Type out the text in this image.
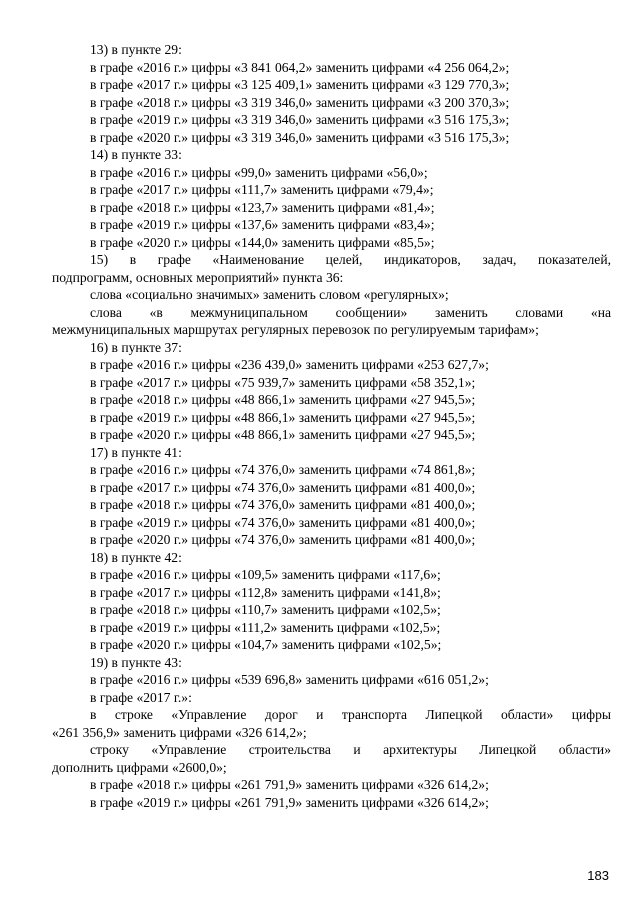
13) в пункте 29:
в графе «2016 г.» цифры «3 841 064,2» заменить цифрами «4 256 064,2»;
в графе «2017 г.» цифры «3 125 409,1» заменить цифрами «3 129 770,3»;
в графе «2018 г.» цифры «3 319 346,0» заменить цифрами «3 200 370,3»;
в графе «2019 г.» цифры «3 319 346,0» заменить цифрами «3 516 175,3»;
в графе «2020 г.» цифры «3 319 346,0» заменить цифрами «3 516 175,3»;
14) в пункте 33:
в графе «2016 г.» цифры «99,0» заменить цифрами «56,0»;
в графе «2017 г.» цифры «111,7» заменить цифрами «79,4»;
в графе «2018 г.» цифры «123,7» заменить цифрами «81,4»;
в графе «2019 г.» цифры «137,6» заменить цифрами «83,4»;
в графе «2020 г.» цифры «144,0» заменить цифрами «85,5»;
15) в графе «Наименование целей, индикаторов, задач, показателей,
подпрограмм, основных мероприятий» пункта 36:
слова «социально значимых» заменить словом «регулярных»;
слова «в межмуниципальном сообщении» заменить словами «на
межмуниципальных маршрутах регулярных перевозок по регулируемым тарифам»;
16) в пункте 37:
в графе «2016 г.» цифры «236 439,0» заменить цифрами «253 627,7»;
в графе «2017 г.» цифры «75 939,7» заменить цифрами «58 352,1»;
в графе «2018 г.» цифры «48 866,1» заменить цифрами «27 945,5»;
в графе «2019 г.» цифры «48 866,1» заменить цифрами «27 945,5»;
в графе «2020 г.» цифры «48 866,1» заменить цифрами «27 945,5»;
17) в пункте 41:
в графе «2016 г.» цифры «74 376,0» заменить цифрами «74 861,8»;
в графе «2017 г.» цифры «74 376,0» заменить цифрами «81 400,0»;
в графе «2018 г.» цифры «74 376,0» заменить цифрами «81 400,0»;
в графе «2019 г.» цифры «74 376,0» заменить цифрами «81 400,0»;
в графе «2020 г.» цифры «74 376,0» заменить цифрами «81 400,0»;
18) в пункте 42:
в графе «2016 г.» цифры «109,5» заменить цифрами «117,6»;
в графе «2017 г.» цифры «112,8» заменить цифрами «141,8»;
в графе «2018 г.» цифры «110,7» заменить цифрами «102,5»;
в графе «2019 г.» цифры «111,2» заменить цифрами «102,5»;
в графе «2020 г.» цифры «104,7» заменить цифрами «102,5»;
19) в пункте 43:
в графе «2016 г.» цифры «539 696,8» заменить цифрами «616 051,2»;
в графе «2017 г.»:
в строке «Управление дорог и транспорта Липецкой области» цифры
«261 356,9» заменить цифрами «326 614,2»;
строку «Управление строительства и архитектуры Липецкой области»
дополнить цифрами «2600,0»;
в графе «2018 г.» цифры «261 791,9» заменить цифрами «326 614,2»;
в графе «2019 г.» цифры «261 791,9» заменить цифрами «326 614,2»;
183
